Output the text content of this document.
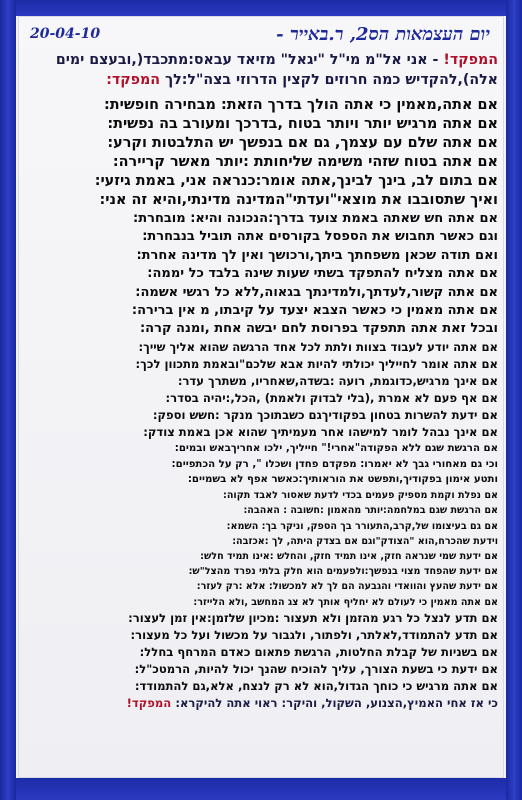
יום העצמאות הס2, ר.באייר -
20-04-10
המפקד! - אני אל"מ מי"ל "יגאל" מזיאד עבאס:מתכבד(,ובעצם ימים אלה),להקדיש כמה חרוזים לקצין הדרוזי בצה"ל:לך המפקד:
אם אתה,מאמין כי אתה הולך בדרך הזאת: מבחירה חופשית:
אם אתה מרגיש יותר ויותר בטוח ,בדרכך ומעורב בה נפשית:
אם אתה שלם עם עצמך, גם אם בנפשך יש התלבטות וקרע:
אם אתה בטוח שזהי משימה שליחותת :יותר מאשר קריירה:
אם בתום לב, בינך לבינך,אתה אומר:כנראה אני, באמת גיזעי:
ואיך שתסובבו את מוצאי"ועדתי"המדינה מדינתי,והיא זה אני:
אם אתה חש שאתה באמת צועד בדרך:הנכונה והיא: מובחרת:
וגם כאשר תחבוש את הספסל בקורסים אתה תוביל בנבחרת:
ואם תודה שכאן משפחתך ביתך,ורכושך ואין לך מדינה אחרת:
אם אתה מצליח להתפקד בשתי שעות שינה בלבד כל יממה:
אם אתה קשור,לעדתך,ולמדינתך בגאוה,ללא כל רגשי אשמה:
אם אתה מאמין כי כאשר הצבא יצעד על קיבתו, מ אין ברירה:
ובכל זאת אתה תתפקד בפרוסת לחם יבשה אחת ,ומנה קרה:
אם אתה יודע לעבוד בצוות ולתת לכל אחד הרגשה שהוא אליך שייך:
אם אתה אומר לחייליך יכולתי להיות אבא שלכם"ובאמת מתכוון לכך:
אם אינך מרגיש,כדוגמת, רועה :בשדה,שאחריו, משתרך עדר:
אם אף פעם לא אמרת ,(בלי לבדוק ולאמת) ,הכל,:יהיה בסדר:
אם ידעת להשרות בטחון בפקודיךגם כשבתוכך מנקר :חשש וספק:
אם אינך נבהל לומר למישהו אחר מעמיתיך שהוא אכן באמת צודק:
אם הרגשת שגם ללא הפקודה"אחרי!" חייליך, ילכו אחריךבאש ובמים:
וכי גם מאחורי גבך לא יאמרו: מפקדם פחדן ושכלו ", רק על הכתפיים:
ותטע אימון בפקודיך,ותפשט את הוראותיך:כאשר אפף לא בשמיים:
אם נפלת וקמת מספיק פעמים בכדי לדעת שאסור לאבד תקוה:
אם הרגשת שגם במלחמה:יותר מהאמון :חשובה : האהבה:
אם גם בעיצומו של,קרב,התעורר בך הספק, וניקר בך: השמא:
וידעת שהכרח,הוא "הצודק"וגם אם בצדק היתה, לך :אכזבה:
אם ידעת שמי שנראה חזק, אינו תמיד חזק, והחלש :אינו תמיד חלש:
אם ידעת שהפחד מצוי בנפשך:ולפעמים הוא חלק בלתי נפרד מהצל"ש:
אם ידעת שהעץ והוואדי והגבעה הם לך לא למכשול: אלא :רק לעזר:
אם אתה מאמין כי לעולם לא יחליף אותך לא צג המחשב ,ולא הלייזר:
אם תדע לנצל כל רגע מהזמן ולא תעצור :מכיון שלזמן:אין זמן לעצור:
אם תדע להתמודד,לאלתר, ולפתור, ולגבור על מכשול ועל כל מעצור:
אם בשניות של קבלת החלטות, הרגשת פתאום כאדם המרחף בחלל:
אם ידעת כי בשעת הצורך, עליך להוכיח שהנך יכול להיות, הרמטכ"ל:
אם אתה מרגיש כי כוחך הגדול,הוא לא רק לנצח, אלא,גם להתמודד:
כי אז אחי האמיץ,הצנוע, השקול, והיקר: ראוי אתה להיקרא: המפקד!
